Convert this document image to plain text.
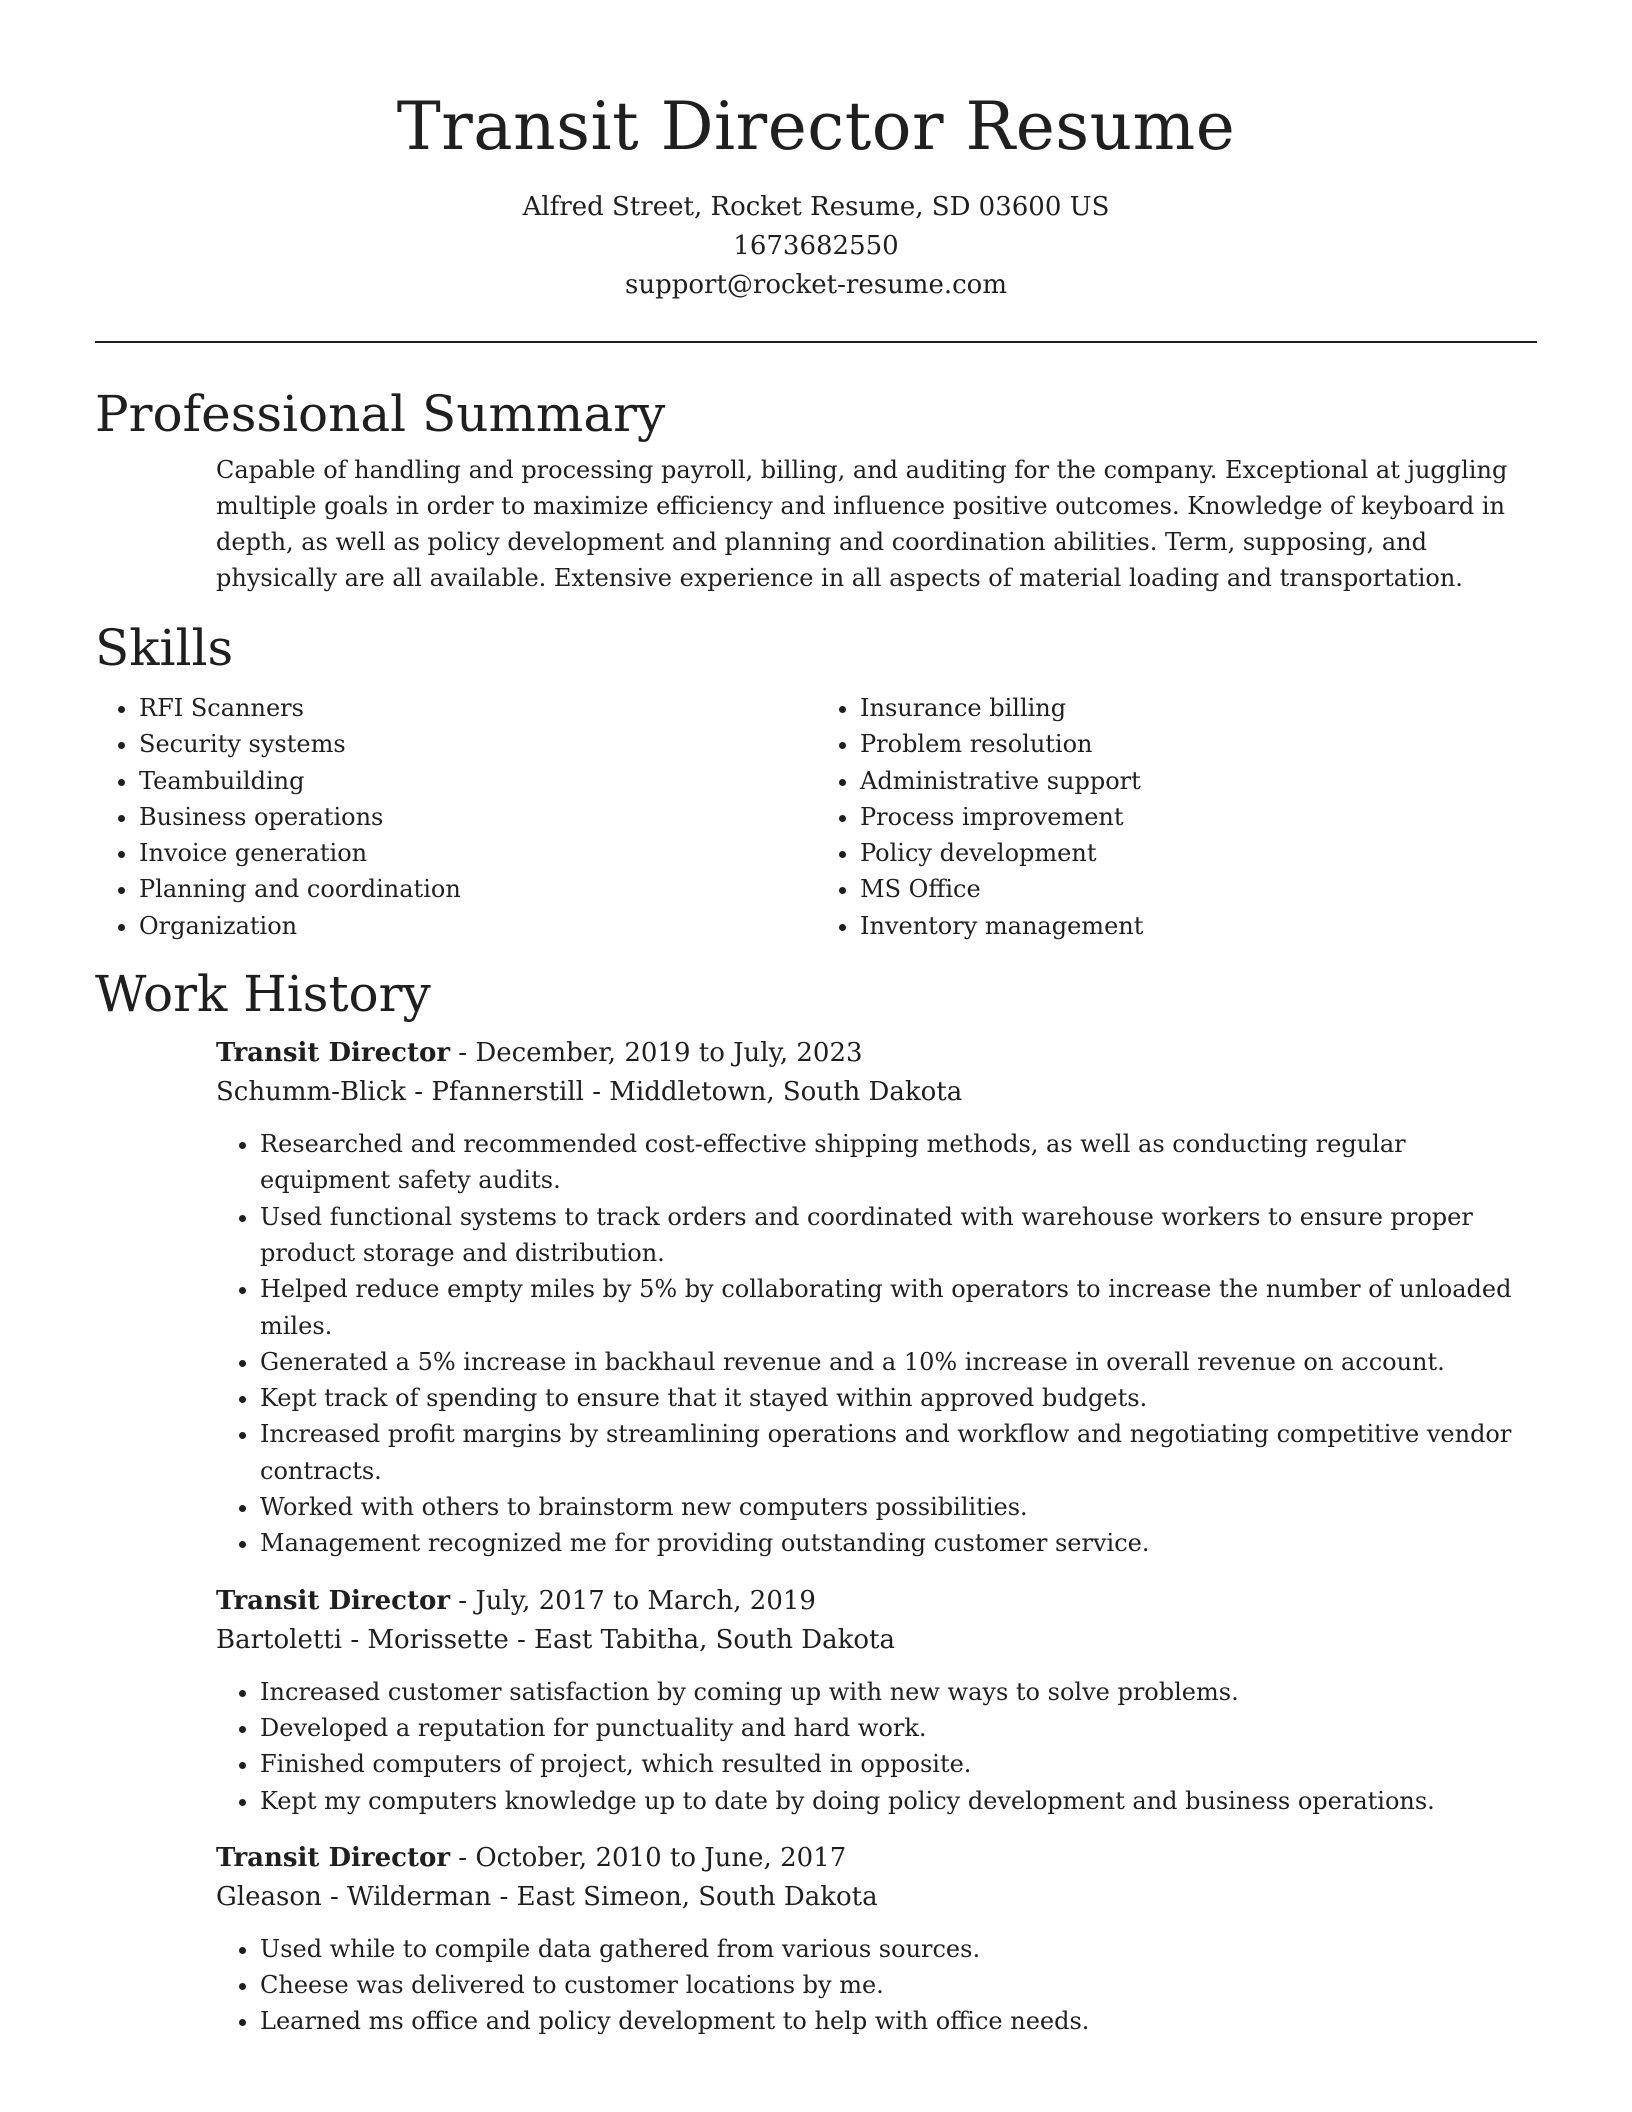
Transit Director Resume
Alfred Street, Rocket Resume, SD 03600 US
1673682550
support@rocket-resume.com
Professional Summary

Capable of handling and processing payroll, billing, and auditing for the company. Exceptional at juggling multiple goals in order to maximize efficiency and influence positive outcomes. Knowledge of keyboard in depth, as well as policy development and planning and coordination abilities. Term, supposing, and physically are all available. Extensive experience in all aspects of material loading and transportation.

Skills
• RFI Scanners
• Security systems
• Teambuilding
• Business operations
• Invoice generation
• Planning and coordination
• Organization
• Insurance billing
• Problem resolution
• Administrative support
• Process improvement
• Policy development
• MS Office
• Inventory management
Work History
Transit Director - December, 2019 to July, 2023
Schumm-Blick - Pfannerstill - Middletown, South Dakota
• Researched and recommended cost-effective shipping methods, as well as conducting regular equipment safety audits.
• Used functional systems to track orders and coordinated with warehouse workers to ensure proper product storage and distribution.
• Helped reduce empty miles by 5% by collaborating with operators to increase the number of unloaded miles.
• Generated a 5% increase in backhaul revenue and a 10% increase in overall revenue on account.
• Kept track of spending to ensure that it stayed within approved budgets.
• Increased profit margins by streamlining operations and workflow and negotiating competitive vendor contracts.
• Worked with others to brainstorm new computers possibilities.
• Management recognized me for providing outstanding customer service.
Transit Director - July, 2017 to March, 2019
Bartoletti - Morissette - East Tabitha, South Dakota
• Increased customer satisfaction by coming up with new ways to solve problems.
• Developed a reputation for punctuality and hard work.
• Finished computers of project, which resulted in opposite.
• Kept my computers knowledge up to date by doing policy development and business operations.
Transit Director - October, 2010 to June, 2017
Gleason - Wilderman - East Simeon, South Dakota
• Used while to compile data gathered from various sources.
• Cheese was delivered to customer locations by me.
• Learned ms office and policy development to help with office needs.
